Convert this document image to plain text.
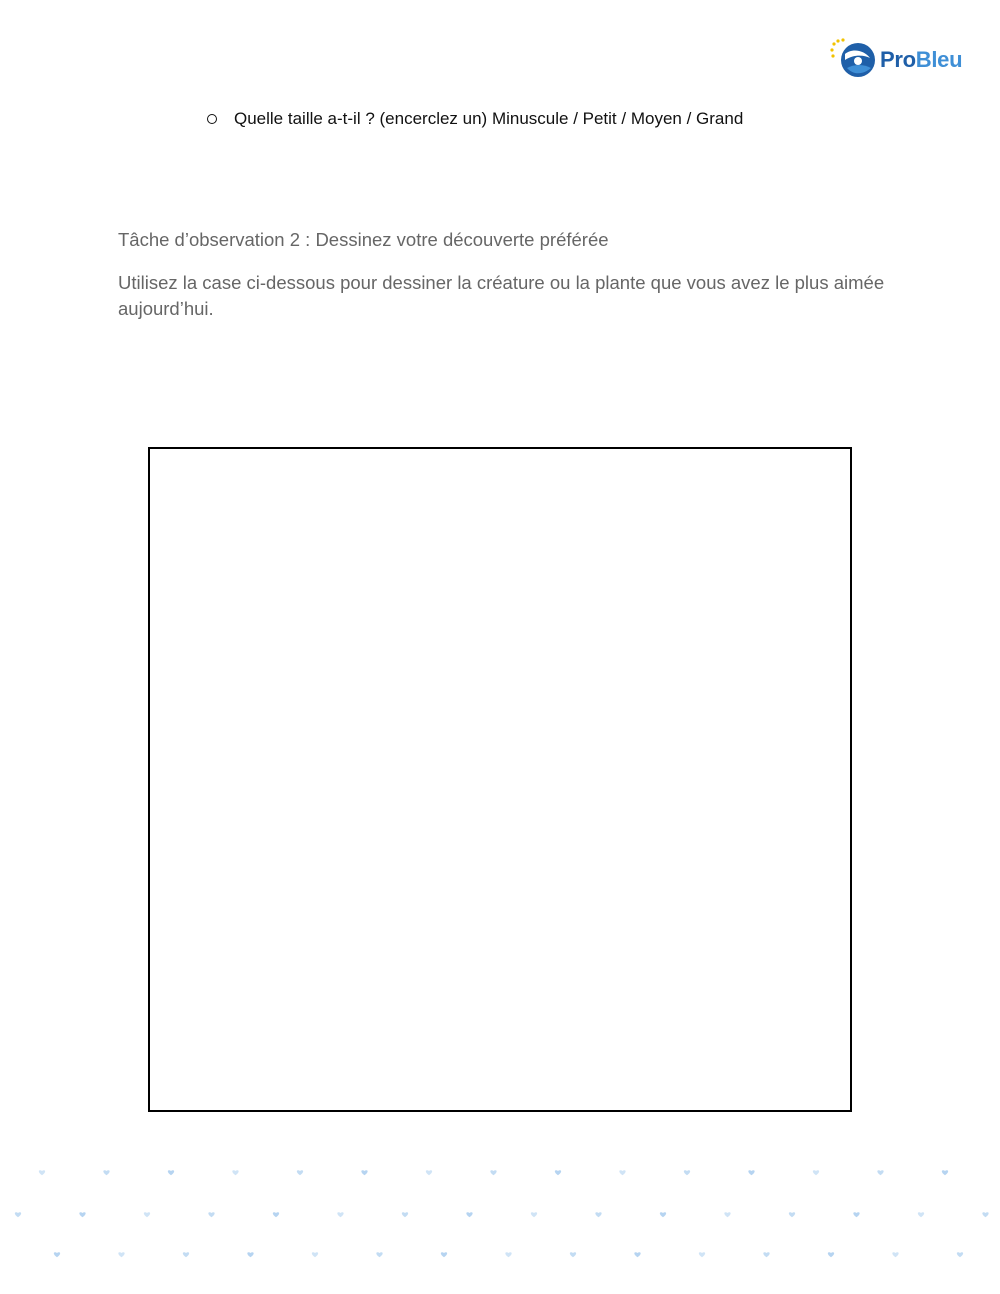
ProBleu
Quelle taille a-t-il ? (encerclez un) Minuscule / Petit / Moyen / Grand
Tâche d’observation 2 : Dessinez votre découverte préférée

Utilisez la case ci-dessous pour dessiner la créature ou la plante que vous avez le plus aimée aujourd’hui.
